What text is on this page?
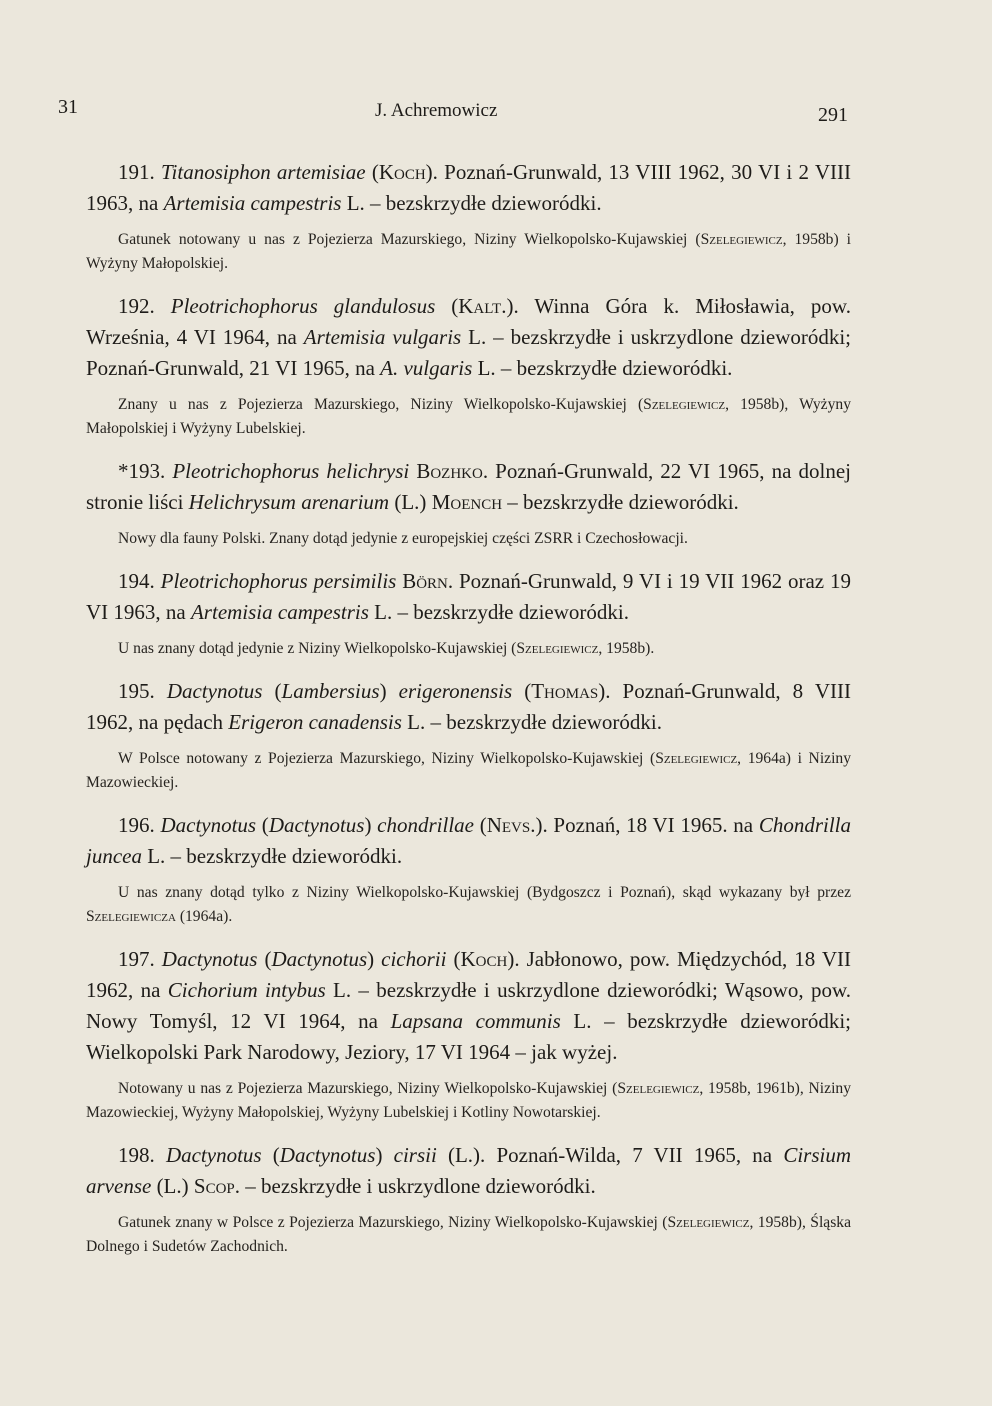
31	J. Achremowicz	291

191. Titanosiphon artemisiae (Koch). Poznań-Grunwald, 13 VIII 1962, 30 VI i 2 VIII 1963, na Artemisia campestris L. – bezskrzydłe dzieworódki.

Gatunek notowany u nas z Pojezierza Mazurskiego, Niziny Wielkopolsko-Kujawskiej (Szelegiewicz, 1958b) i Wyżyny Małopolskiej.

192. Pleotrichophorus glandulosus (Kalt.). Winna Góra k. Miłosławia, pow. Września, 4 VI 1964, na Artemisia vulgaris L. – bezskrzydłe i uskrzydlone dzieworódki; Poznań-Grunwald, 21 VI 1965, na A. vulgaris L. – bezskrzydłe dzieworódki.

Znany u nas z Pojezierza Mazurskiego, Niziny Wielkopolsko-Kujawskiej (Szelegiewicz, 1958b), Wyżyny Małopolskiej i Wyżyny Lubelskiej.

*193. Pleotrichophorus helichrysi Bozhko. Poznań-Grunwald, 22 VI 1965, na dolnej stronie liści Helichrysum arenarium (L.) Moench – bezskrzydłe dzieworódki.

Nowy dla fauny Polski. Znany dotąd jedynie z europejskiej części ZSRR i Czechosłowacji.

194. Pleotrichophorus persimilis Börn. Poznań-Grunwald, 9 VI i 19 VII 1962 oraz 19 VI 1963, na Artemisia campestris L. – bezskrzydłe dzieworódki.

U nas znany dotąd jedynie z Niziny Wielkopolsko-Kujawskiej (Szelegiewicz, 1958b).

195. Dactynotus (Lambersius) erigeronensis (Thomas). Poznań-Grunwald, 8 VIII 1962, na pędach Erigeron canadensis L. – bezskrzydłe dzieworódki.

W Polsce notowany z Pojezierza Mazurskiego, Niziny Wielkopolsko-Kujawskiej (Szelegiewicz, 1964a) i Niziny Mazowieckiej.

196. Dactynotus (Dactynotus) chondrillae (Nevs.). Poznań, 18 VI 1965. na Chondrilla juncea L. – bezskrzydłe dzieworódki.

U nas znany dotąd tylko z Niziny Wielkopolsko-Kujawskiej (Bydgoszcz i Poznań), skąd wykazany był przez Szelegiewicza (1964a).

197. Dactynotus (Dactynotus) cichorii (Koch). Jabłonowo, pow. Międzychód, 18 VII 1962, na Cichorium intybus L. – bezskrzydłe i uskrzydlone dzieworódki; Wąsowo, pow. Nowy Tomyśl, 12 VI 1964, na Lapsana communis L. – bezskrzydłe dzieworódki; Wielkopolski Park Narodowy, Jeziory, 17 VI 1964 – jak wyżej.

Notowany u nas z Pojezierza Mazurskiego, Niziny Wielkopolsko-Kujawskiej (Szelegiewicz, 1958b, 1961b), Niziny Mazowieckiej, Wyżyny Małopolskiej, Wyżyny Lubelskiej i Kotliny Nowotarskiej.

198. Dactynotus (Dactynotus) cirsii (L.). Poznań-Wilda, 7 VII 1965, na Cirsium arvense (L.) Scop. – bezskrzydłe i uskrzydlone dzieworódki.

Gatunek znany w Polsce z Pojezierza Mazurskiego, Niziny Wielkopolsko-Kujawskiej (Szelegiewicz, 1958b), Śląska Dolnego i Sudetów Zachodnich.
